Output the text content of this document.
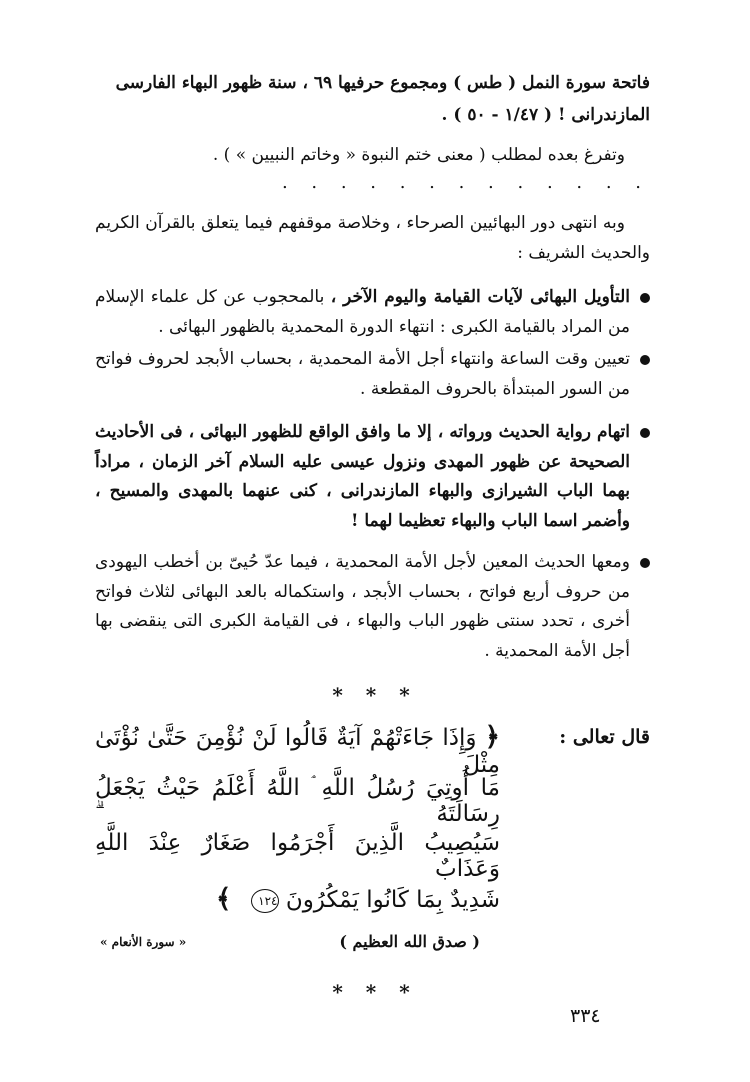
فاتحة سورة النمل ( طس ) ومجموع حرفيها ٦٩ ، سنة ظهور البهاء الفارسى
المازندرانى ! ( ١/٤٧ - ٥٠ ) .
وتفرغ بعده لمطلب ( معنى ختم النبوة « وخاتم النبيين » ) .
. . . . . . . . . . . . .
وبه انتهى دور البهائيين الصرحاء ، وخلاصة موقفهم فيما يتعلق بالقرآن الكريم والحديث الشريف :
التأويل البهائى لآيات القيامة واليوم الآخر ، بالمحجوب عن كل علماء الإسلام من المراد بالقيامة الكبرى : انتهاء الدورة المحمدية بالظهور البهائى .
تعيين وقت الساعة وانتهاء أجل الأمة المحمدية ، بحساب الأبجد لحروف فواتح من السور المبتدأة بالحروف المقطعة .
اتهام رواية الحديث ورواته ، إلا ما وافق الواقع للظهور البهائى ، فى الأحاديث الصحيحة عن ظهور المهدى ونزول عيسى عليه السلام آخر الزمان ، مراداً بهما الباب الشيرازى والبهاء المازندرانى ، كنى عنهما بالمهدى والمسيح ، وأضمر اسما الباب والبهاء تعظيما لهما !
ومعها الحديث المعين لأجل الأمة المحمدية ، فيما عدّ حُيىّ بن أخطب اليهودى من حروف أربع فواتح ، بحساب الأبجد ، واستكماله بالعد البهائى لثلاث فواتح أخرى ، تحدد سنتى ظهور الباب والبهاء ، فى القيامة الكبرى التى ينقضى بها أجل الأمة المحمدية .
* * *
قال تعالى :
﴿ وَإِذَا جَاءَتْهُمْ آيَةٌ قَالُوا لَنْ نُؤْمِنَ حَتَّىٰ نُؤْتَىٰ مِثْلَ
مَا أُوتِيَ رُسُلُ اللَّهِ ۘ اللَّهُ أَعْلَمُ حَيْثُ يَجْعَلُ رِسَالَتَهُ ۗ
سَيُصِيبُ الَّذِينَ أَجْرَمُوا صَغَارٌ عِنْدَ اللَّهِ وَعَذَابٌ
شَدِيدٌ بِمَا كَانُوا يَمْكُرُونَ ١٢٤ ﴾
( صدق الله العظيم )
« سورة الأنعام »
* * *
٣٣٤
